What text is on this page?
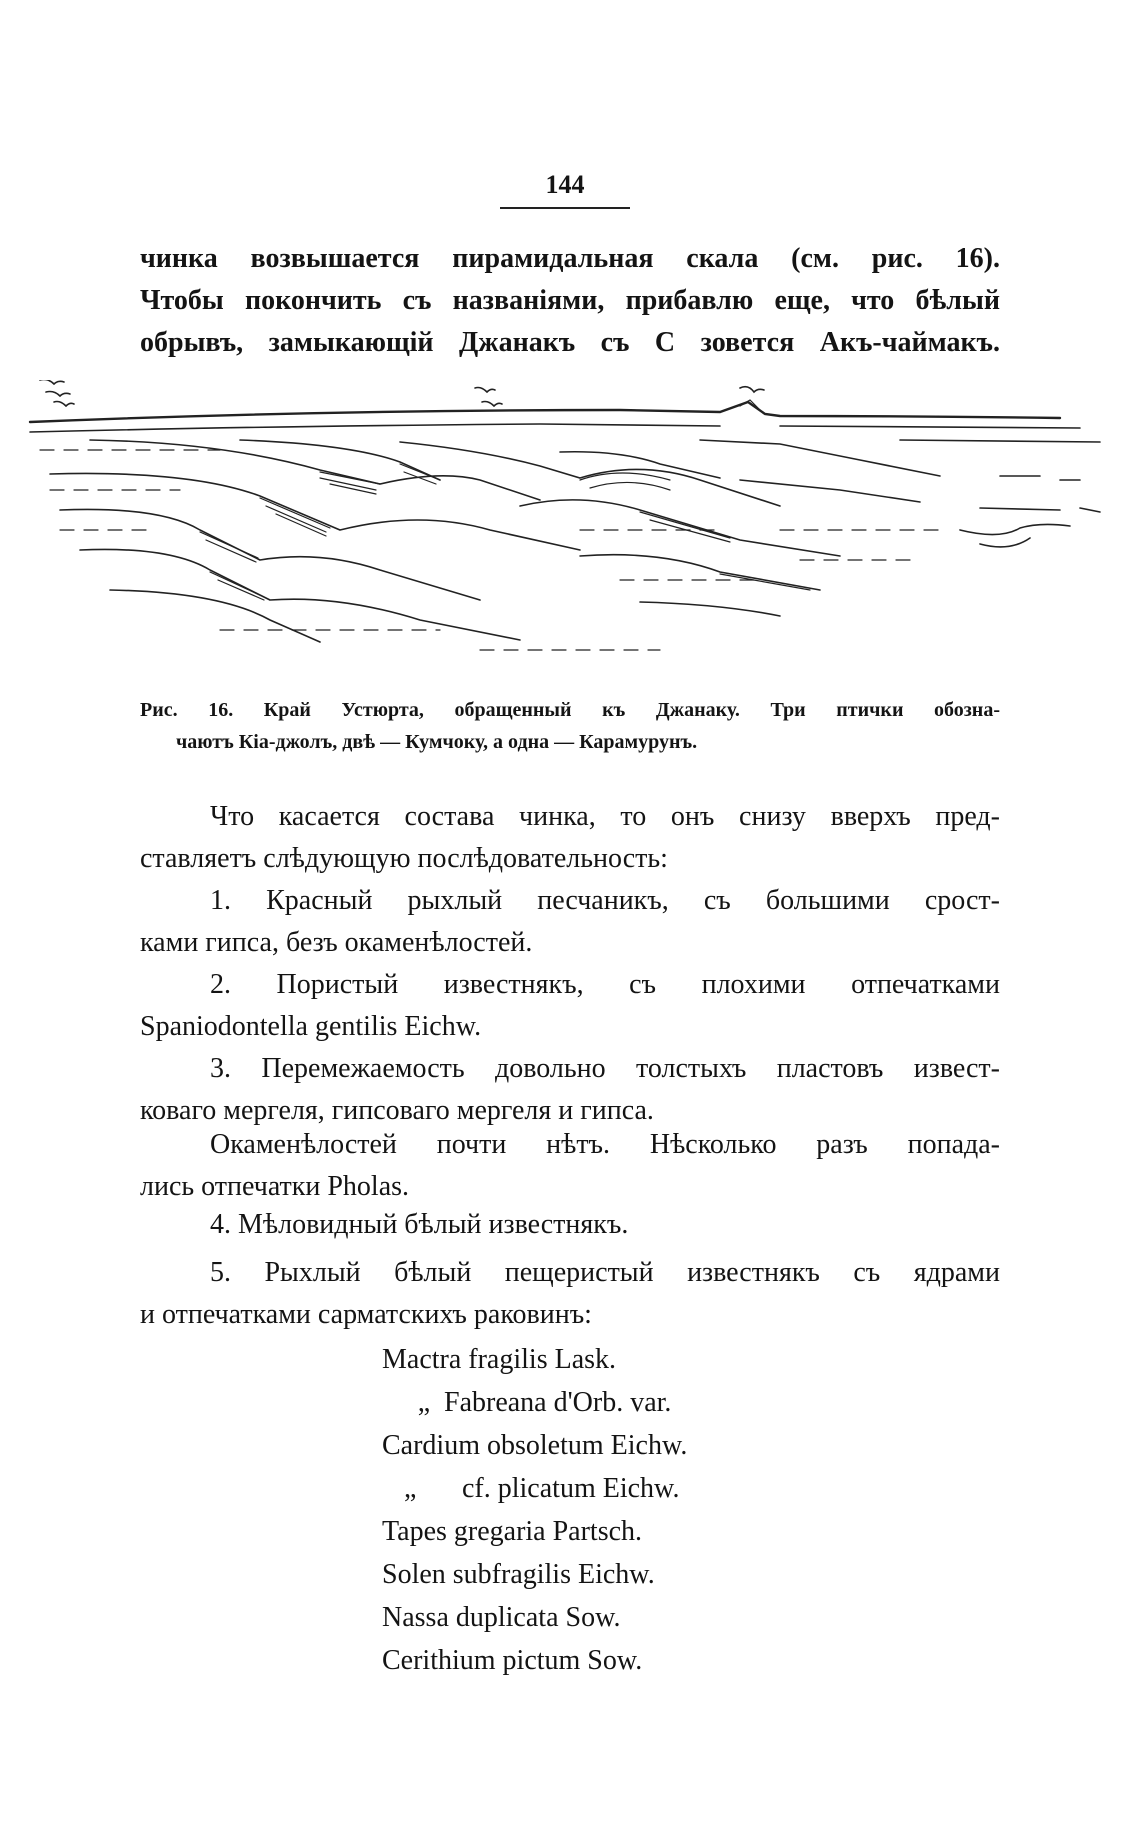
144
чинка возвышается пирамидальная скала (см. рис. 16).
Чтобы покончить съ названіями, прибавлю еще, что бѣлый
обрывъ, замыкающій Джанакъ съ С зовется Акъ-чаймакъ.
Рис. 16. Край Устюрта, обращенный къ Джанаку. Три птички обозна-
чаютъ Кіа-джолъ, двѣ — Кумчоку, а одна — Карамурунъ.
Что касается состава чинка, то онъ снизу вверхъ пред-
ставляетъ слѣдующую послѣдовательность:
1. Красный рыхлый песчаникъ, съ большими срост-
ками гипса, безъ окаменѣлостей.
2. Пористый известнякъ, съ плохими отпечатками
Spaniodontella gentilis Eichw.
3. Перемежаемость довольно толстыхъ пластовъ извест-
коваго мергеля, гипсоваго мергеля и гипса.
Окаменѣлостей почти нѣтъ. Нѣсколько разъ попада-
лись отпечатки Pholas.
4. Мѣловидный бѣлый известнякъ.
5. Рыхлый бѣлый пещеристый известнякъ съ ядрами
и отпечатками сарматскихъ раковинъ:
Mactra fragilis Lask.
„ Fabreana d'Orb. var.
Cardium obsoletum Eichw.
„ cf. plicatum Eichw.
Tapes gregaria Partsch.
Solen subfragilis Eichw.
Nassa duplicata Sow.
Cerithium pictum Sow.
